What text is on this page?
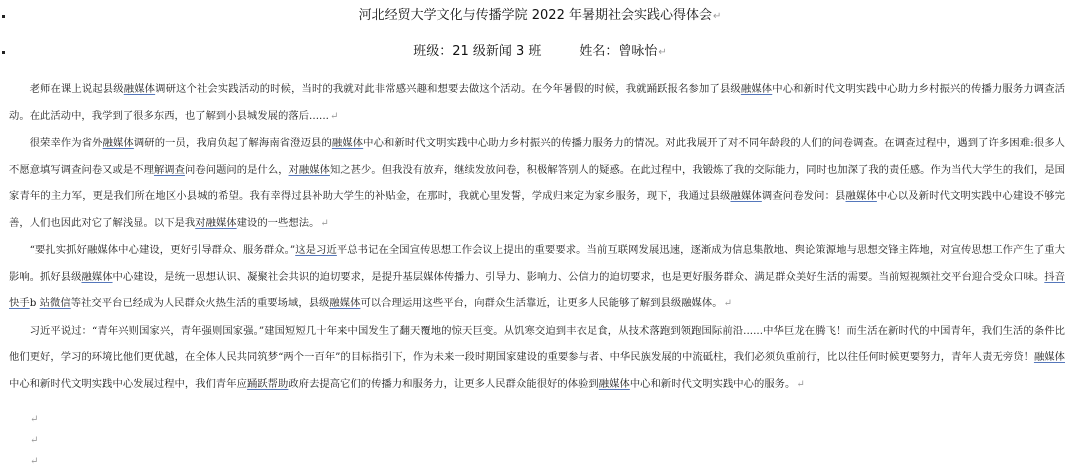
河北经贸大学文化与传播学院 2022 年暑期社会实践心得体会↵
班级：21 级新闻 3 班	姓名：曾咏怡↵

老师在课上说起县级融媒体调研这个社会实践活动的时候，当时的我就对此非常感兴趣和想要去做这个活动。在今年暑假的时候，我就踊跃报名参加了县级融媒体中心和新时代文明实践中心助力乡村振兴的传播力服务力调查活动。在此活动中，我学到了很多东西，也了解到小县城发展的落后......↵

很荣幸作为省外融媒体调研的一员，我肩负起了解海南省澄迈县的融媒体中心和新时代文明实践中心助力乡村振兴的传播力服务力的情况。对此我展开了对不同年龄段的人们的问卷调查。在调查过程中，遇到了许多困难:很多人不愿意填写调查问卷又或是不理解调查问卷问题问的是什么，对融媒体知之甚少。但我没有放弃，继续发放问卷，积极解答别人的疑惑。在此过程中，我锻炼了我的交际能力，同时也加深了我的责任感。作为当代大学生的我们，是国家青年的主力军，更是我们所在地区小县城的希望。我有幸得过县补助大学生的补贴金，在那时，我就心里发誓，学成归来定为家乡服务，现下，我通过县级融媒体调查问卷发问：县融媒体中心以及新时代文明实践中心建设不够完善，人们也因此对它了解浅显。以下是我对融媒体建设的一些想法。↵

“要扎实抓好融媒体中心建设，更好引导群众、服务群众。”这是习近平总书记在全国宣传思想工作会议上提出的重要要求。当前互联网发展迅速，逐渐成为信息集散地、舆论策源地与思想交锋主阵地，对宣传思想工作产生了重大影响。抓好县级融媒体中心建设，是统一思想认识、凝聚社会共识的迫切要求，是提升基层媒体传播力、引导力、影响力、公信力的迫切要求，也是更好服务群众、满足群众美好生活的需要。当前短视频社交平台迎合受众口味。抖音快手b 站微信等社交平台已经成为人民群众火热生活的重要场域，县级融媒体可以合理运用这些平台，向群众生活靠近，让更多人民能够了解到县级融媒体。↵

习近平说过：“青年兴则国家兴，青年强则国家强。”建国短短几十年来中国发生了翻天覆地的惊天巨变。从饥寒交迫到丰衣足食，从技术落跑到领跑国际前沿......中华巨龙在腾飞！而生活在新时代的中国青年，我们生活的条件比他们更好，学习的环境比他们更优越，在全体人民共同筑梦“两个一百年”的目标指引下，作为未来一段时期国家建设的重要参与者、中华民族发展的中流砥柱，我们必须负重前行，比以往任何时候更要努力，青年人责无旁贷！融媒体中心和新时代文明实践中心发展过程中，我们青年应踊跃帮助政府去提高它们的传播力和服务力，让更多人民群众能很好的体验到融媒体中心和新时代文明实践中心的服务。↵

↵
↵
↵
